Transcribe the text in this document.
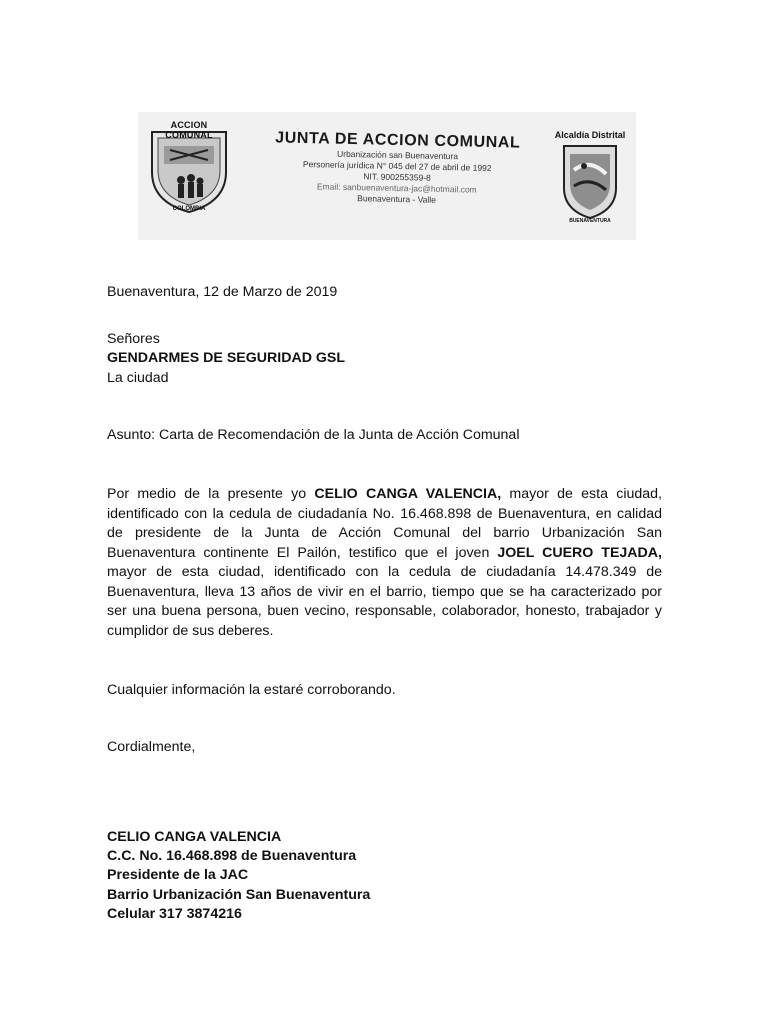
ACCION COMUNAL
COLOMBIA
JUNTA DE ACCION COMUNAL
Urbanización san Buenaventura
Personería jurídica N° 045 del 27 de abril de 1992
NIT. 900255359-8
Email: sanbuenaventura-jac@hotmail.com
Buenaventura - Valle
Alcaldía Distrital
BUENAVENTURA

Buenaventura, 12 de Marzo de 2019

Señores

GENDARMES DE SEGURIDAD GSL

La ciudad

Asunto: Carta de Recomendación de la Junta de Acción Comunal

Por medio de la presente yo CELIO CANGA VALENCIA, mayor de esta ciudad, identificado con la cedula de ciudadanía No. 16.468.898 de Buenaventura, en calidad de presidente de la Junta de Acción Comunal del barrio Urbanización San Buenaventura continente El Pailón, testifico que el joven JOEL CUERO TEJADA, mayor de esta ciudad, identificado con la cedula de ciudadanía 14.478.349 de Buenaventura, lleva 13 años de vivir en el barrio, tiempo que se ha caracterizado por ser una buena persona, buen vecino, responsable, colaborador, honesto, trabajador y cumplidor de sus deberes.

Cualquier información la estaré corroborando.

Cordialmente,

CELIO CANGA VALENCIA

C.C. No. 16.468.898 de Buenaventura

Presidente de la JAC

Barrio Urbanización San Buenaventura

Celular 317 3874216
